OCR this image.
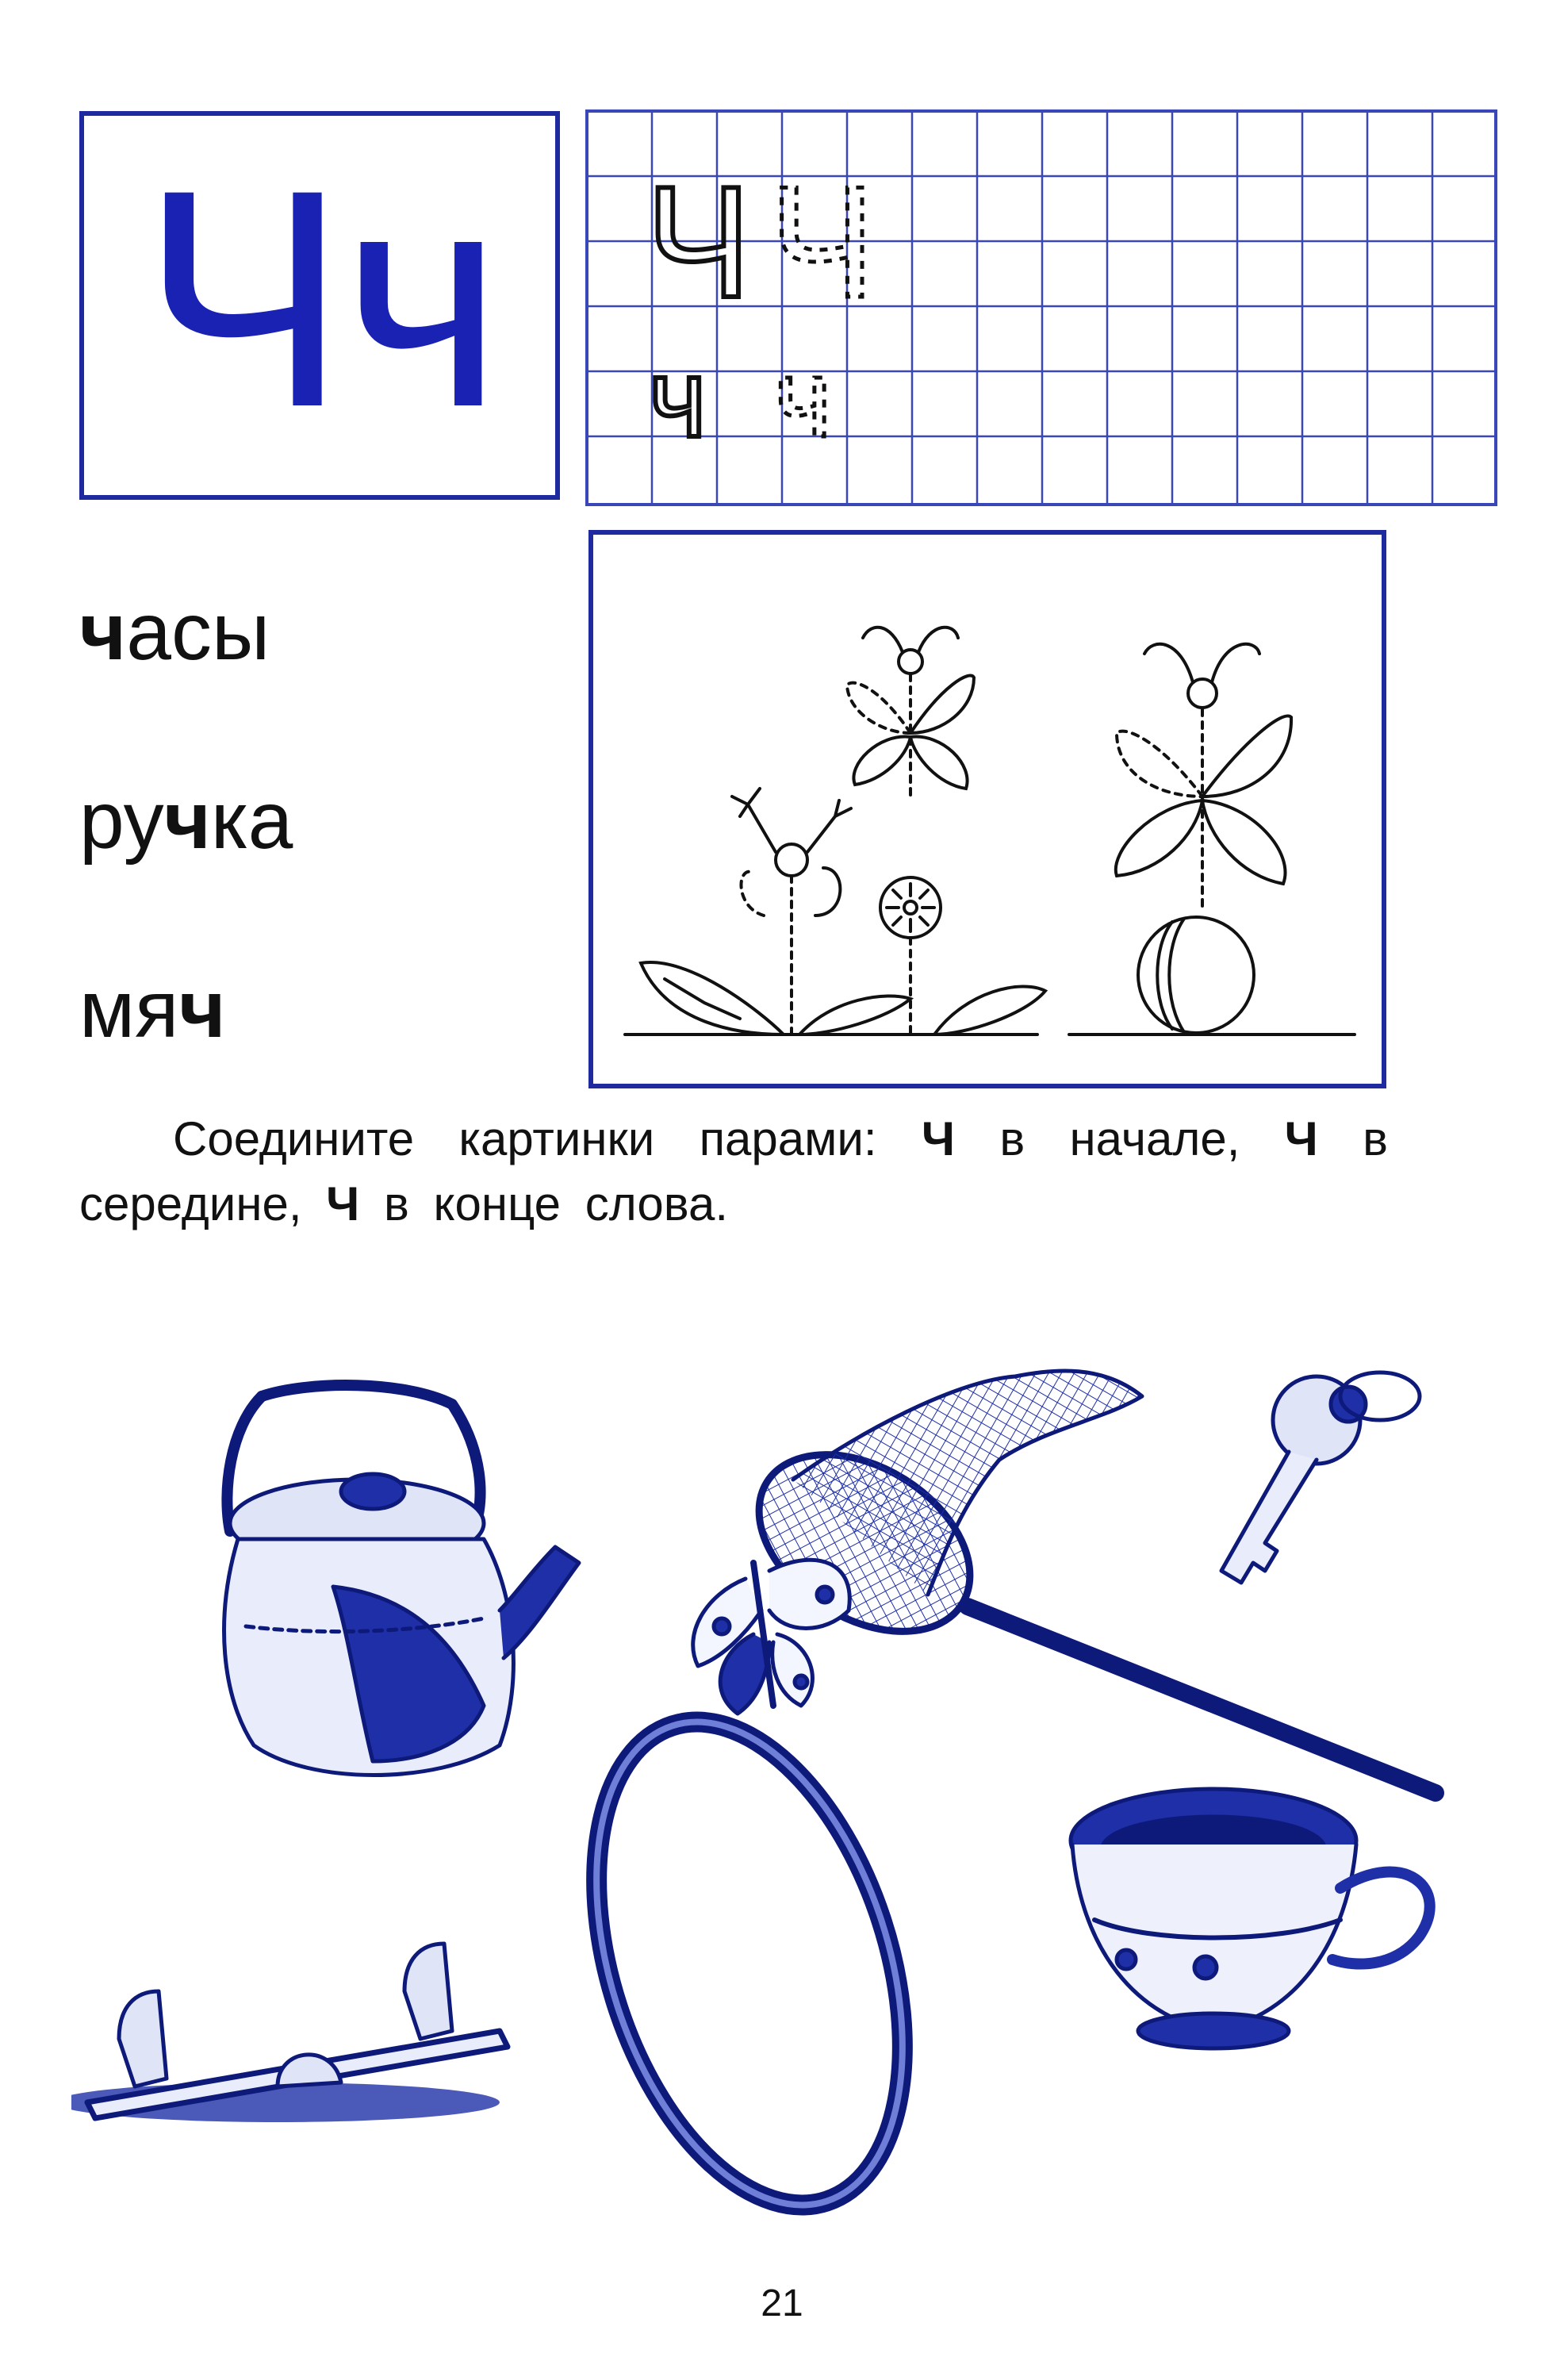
Чч Ч Ч
ч ч
часы
ручка
мяч

Соедините картинки парами: Ч в начале, Ч в середине, Ч в конце слова.

21
